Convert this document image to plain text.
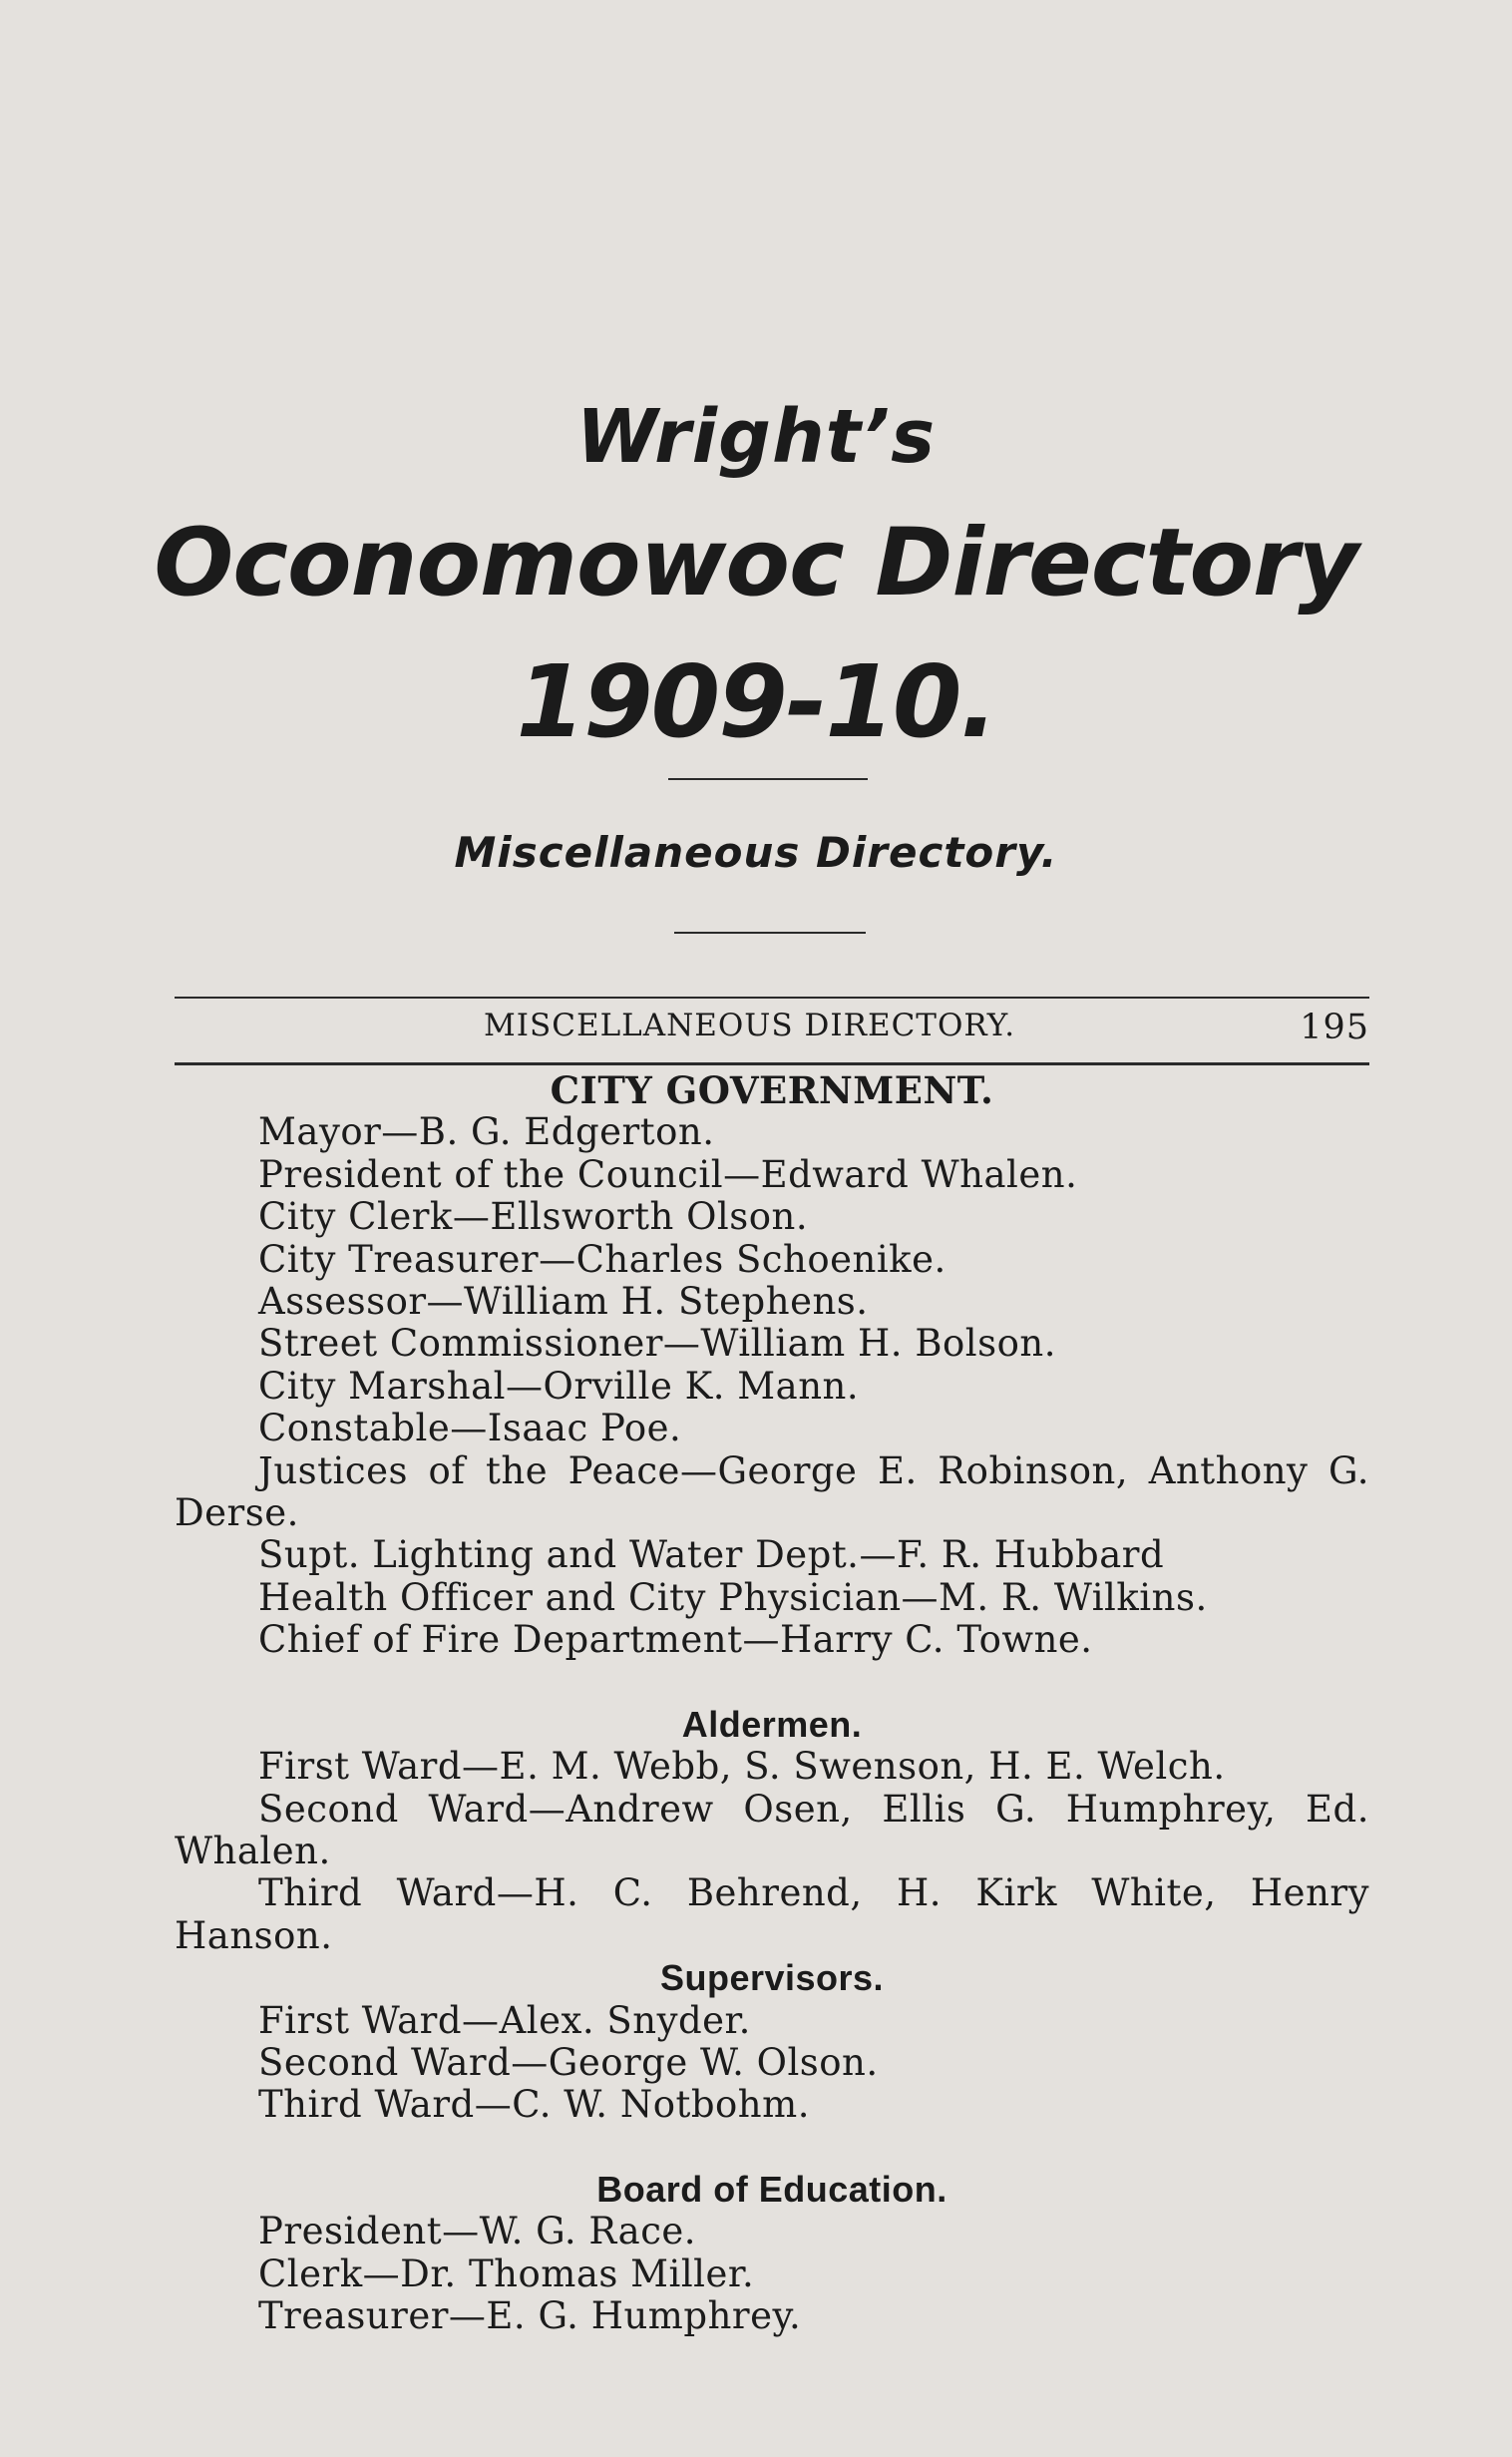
Wright’s
Oconomowoc Directory
1909-10.
Miscellaneous Directory.
MISCELLANEOUS DIRECTORY.	195
CITY GOVERNMENT.

Mayor—B. G. Edgerton.

President of the Council—Edward Whalen.

City Clerk—Ellsworth Olson.

City Treasurer—Charles Schoenike.

Assessor—William H. Stephens.

Street Commissioner—William H. Bolson.

City Marshal—Orville K. Mann.

Constable—Isaac Poe.

Justices of the Peace—George E. Robinson, Anthony G. Derse.

Supt. Lighting and Water Dept.—F. R. Hubbard

Health Officer and City Physician—M. R. Wilkins.

Chief of Fire Department—Harry C. Towne.

Aldermen.

First Ward—E. M. Webb, S. Swenson, H. E. Welch.

Second Ward—Andrew Osen, Ellis G. Humphrey, Ed. Whalen.

Third Ward—H. C. Behrend, H. Kirk White, Henry Hanson.

Supervisors.

First Ward—Alex. Snyder.

Second Ward—George W. Olson.

Third Ward—C. W. Notbohm.

Board of Education.

President—W. G. Race.

Clerk—Dr. Thomas Miller.

Treasurer—E. G. Humphrey.
